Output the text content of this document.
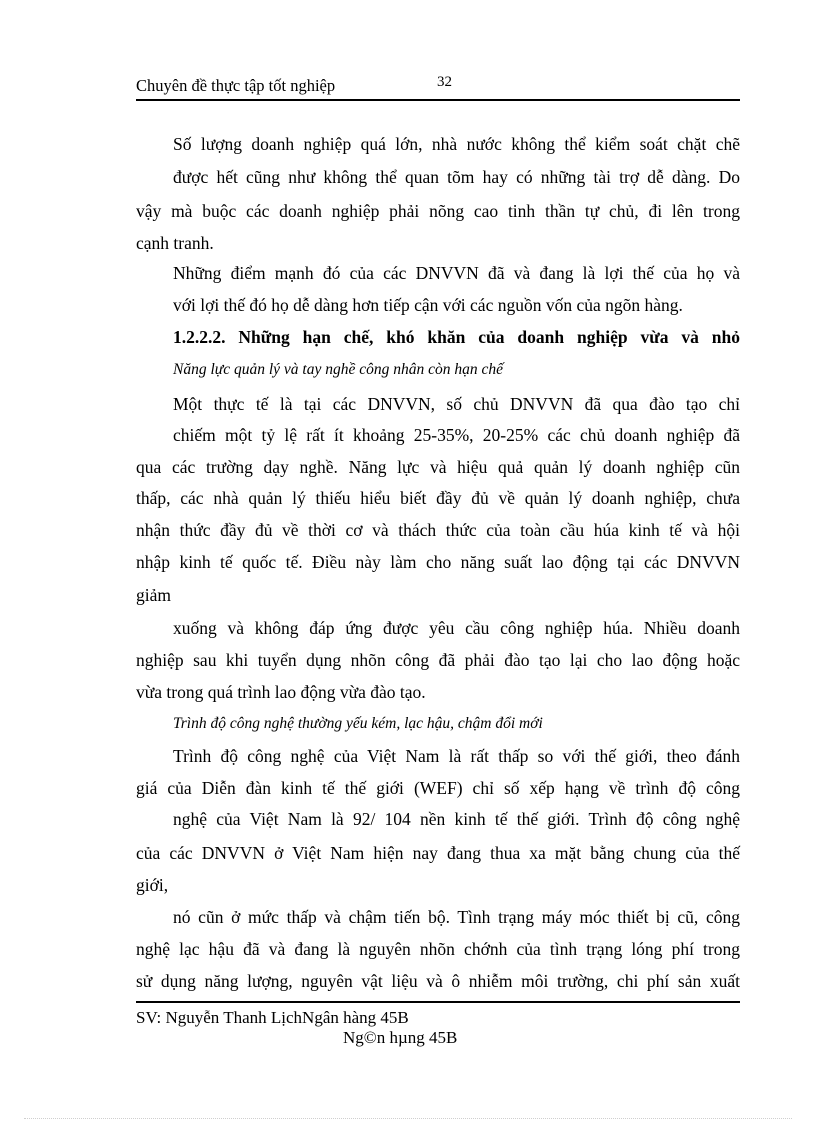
Chuyên đề thực tập tốt nghiệp	32
Số lượng doanh nghiệp quá lớn, nhà nước không thể kiểm soát chặt chẽ
được hết cũng như không thể quan tõm hay có những tài trợ dễ dàng. Do
vậy mà buộc các doanh nghiệp phải nõng cao tinh thần tự chủ, đi lên trong
cạnh tranh.
Những điểm mạnh đó của các DNVVN đã và đang là lợi thế của họ và
với lợi thế đó họ dễ dàng hơn tiếp cận với các nguồn vốn của ngõn hàng.
1.2.2.2. Những hạn chế, khó khăn của doanh nghiệp vừa và nhỏ
Năng lực quản lý và tay nghề công nhân còn hạn chế
Một thực tế là tại các DNVVN, số chủ DNVVN đã qua đào tạo chỉ
chiếm một tỷ lệ rất ít khoảng 25-35%, 20-25% các chủ doanh nghiệp đã
qua các trường dạy nghề. Năng lực và hiệu quả quản lý doanh nghiệp cũn
thấp, các nhà quản lý thiếu hiểu biết đầy đủ về quản lý doanh nghiệp, chưa
nhận thức đầy đủ về thời cơ và thách thức của toàn cầu húa kinh tế và hội
nhập kinh tế quốc tế. Điều này làm cho năng suất lao động tại các DNVVN
giảm
xuống và không đáp ứng được yêu cầu công nghiệp húa. Nhiều doanh
nghiệp sau khi tuyển dụng nhõn công đã phải đào tạo lại cho lao động hoặc
vừa trong quá trình lao động vừa đào tạo.
Trình độ công nghệ thường yếu kém, lạc hậu, chậm đổi mới
Trình độ công nghệ của Việt Nam là rất thấp so với thế giới, theo đánh
giá của Diễn đàn kinh tế thế giới (WEF) chỉ số xếp hạng về trình độ công
nghệ của Việt Nam là 92/ 104 nền kinh tế thế giới. Trình độ công nghệ
của các DNVVN ở Việt Nam hiện nay đang thua xa mặt bằng chung của thế
giới,
nó cũn ở mức thấp và chậm tiến bộ. Tình trạng máy móc thiết bị cũ, công
nghệ lạc hậu đã và đang là nguyên nhõn chớnh của tình trạng lóng phí trong
sử dụng năng lượng, nguyên vật liệu và ô nhiễm môi trường, chi phí sản xuất
SV: Nguyễn Thanh LịchNgân hàng 45B
Ng©n hµng 45B
